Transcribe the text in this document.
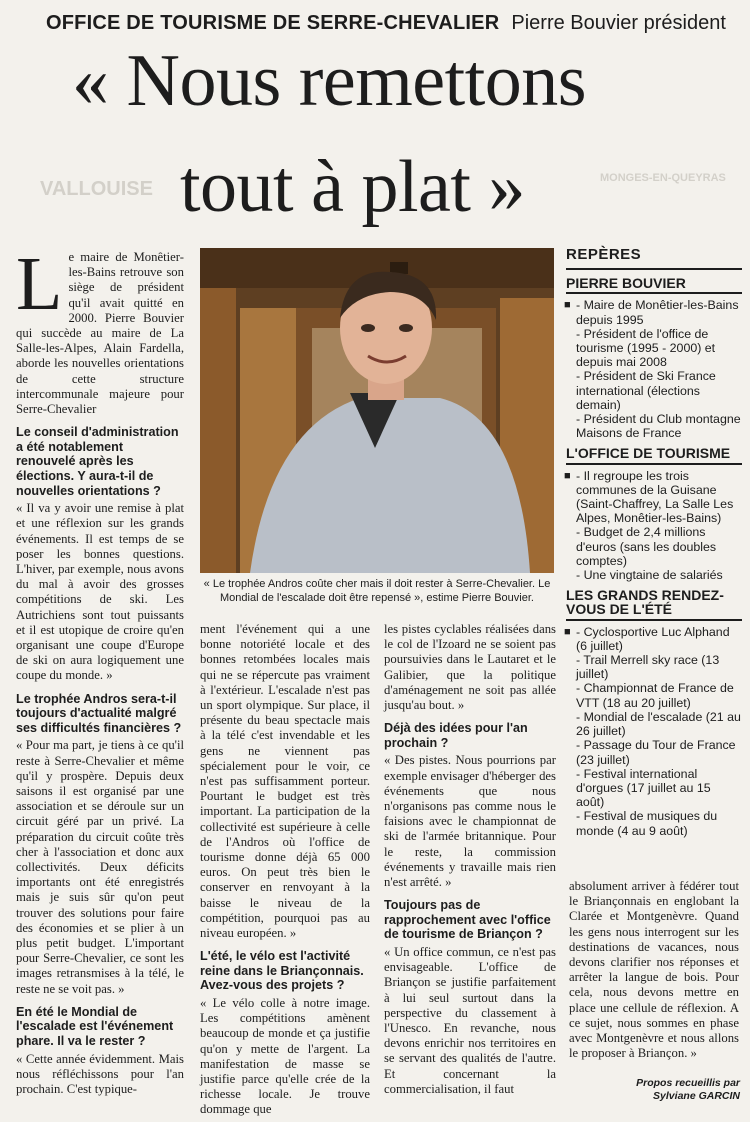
VALLOUISE	MONGES-EN-QUEYRAS
OFFICE DE TOURISME DE SERRE-CHEVALIER Pierre Bouvier président
« Nous remettons
tout à plat »

Le maire de Monêtier-les-Bains retrouve son siège de président qu'il avait quitté en 2000. Pierre Bouvier qui succède au maire de La Salle-les-Alpes, Alain Fardella, aborde les nouvelles orientations de cette structure intercommunale majeure pour Serre-Chevalier

Le conseil d'administration a été notablement renouvelé après les élections. Y aura-t-il de nouvelles orientations ?

« Il va y avoir une remise à plat et une réflexion sur les grands événements. Il est temps de se poser les bonnes questions. L'hiver, par exemple, nous avons du mal à avoir des grosses compétitions de ski. Les Autrichiens sont tout puissants et il est utopique de croire qu'en organisant une coupe d'Europe de ski on aura logiquement une coupe du monde. »

Le trophée Andros sera-t-il toujours d'actualité malgré ses difficultés financières ?

« Pour ma part, je tiens à ce qu'il reste à Serre-Chevalier et même qu'il y prospère. Depuis deux saisons il est organisé par une association et se déroule sur un circuit géré par un privé. La préparation du circuit coûte très cher à l'association et donc aux collectivités. Deux déficits importants ont été enregistrés mais je suis sûr qu'on peut trouver des solutions pour faire des économies et se plier à un plus petit budget. L'important pour Serre-Chevalier, ce sont les images retransmises à la télé, le reste ne se voit pas. »

En été le Mondial de l'escalade est l'événement phare. Il va le rester ?

« Cette année évidemment. Mais nous réfléchissons pour l'an prochain. C'est typique-

« Le trophée Andros coûte cher mais il doit rester à Serre-Chevalier. Le Mondial de l'escalade doit être repensé », estime Pierre Bouvier.

ment l'événement qui a une bonne notoriété locale et des bonnes retombées locales mais qui ne se répercute pas vraiment à l'extérieur. L'escalade n'est pas un sport olympique. Sur place, il présente du beau spectacle mais à la télé c'est invendable et les gens ne viennent pas spécialement pour le voir, ce n'est pas suffisamment porteur. Pourtant le budget est très important. La participation de la collectivité est supérieure à celle de l'Andros où l'office de tourisme donne déjà 65 000 euros. On peut très bien le conserver en renvoyant à la baisse le niveau de la compétition, pourquoi pas au niveau européen. »

L'été, le vélo est l'activité reine dans le Briançonnais. Avez-vous des projets ?

« Le vélo colle à notre image. Les compétitions amènent beaucoup de monde et ça justifie qu'on y mette de l'argent. La manifestation de masse se justifie parce qu'elle crée de la richesse locale. Je trouve dommage que

les pistes cyclables réalisées dans le col de l'Izoard ne se soient pas poursuivies dans le Lautaret et le Galibier, que la politique d'aménagement ne soit pas allée jusqu'au bout. »

Déjà des idées pour l'an prochain ?

« Des pistes. Nous pourrions par exemple envisager d'héberger des événements que nous n'organisons pas comme nous le faisions avec le championnat de ski de l'armée britannique. Pour le reste, la commission événements y travaille mais rien n'est arrêté. »

Toujours pas de rapprochement avec l'office de tourisme de Briançon ?

« Un office commun, ce n'est pas envisageable. L'office de Briançon se justifie parfaitement à lui seul surtout dans la perspective du classement à l'Unesco. En revanche, nous devons enrichir nos territoires en se servant des qualités de l'autre. Et concernant la commercialisation, il faut

absolument arriver à fédérer tout le Briançonnais en englobant la Clarée et Montgenèvre. Quand les gens nous interrogent sur les destinations de vacances, nous devons clarifier nos réponses et arrêter la langue de bois. Pour cela, nous devons mettre en place une cellule de réflexion. A ce sujet, nous sommes en phase avec Montgenèvre et nous allons le proposer à Briançon. »

Propos recueillis par
Sylviane GARCIN
REPÈRES
PIERRE BOUVIER
■ - Maire de Monêtier-les-Bains depuis 1995
- Président de l'office de tourisme (1995 - 2000) et depuis mai 2008
- Président de Ski France international (élections demain)
- Président du Club montagne Maisons de France
L'OFFICE DE TOURISME
■ - Il regroupe les trois communes de la Guisane (Saint-Chaffrey, La Salle Les Alpes, Monêtier-les-Bains)
- Budget de 2,4 millions d'euros (sans les doubles comptes)
- Une vingtaine de salariés
LES GRANDS RENDEZ-VOUS DE L'ÉTÉ
■ - Cyclosportive Luc Alphand (6 juillet)
- Trail Merrell sky race (13 juillet)
- Championnat de France de VTT (18 au 20 juillet)
- Mondial de l'escalade (21 au 26 juillet)
- Passage du Tour de France (23 juillet)
- Festival international d'orgues (17 juillet au 15 août)
- Festival de musiques du monde (4 au 9 août)
